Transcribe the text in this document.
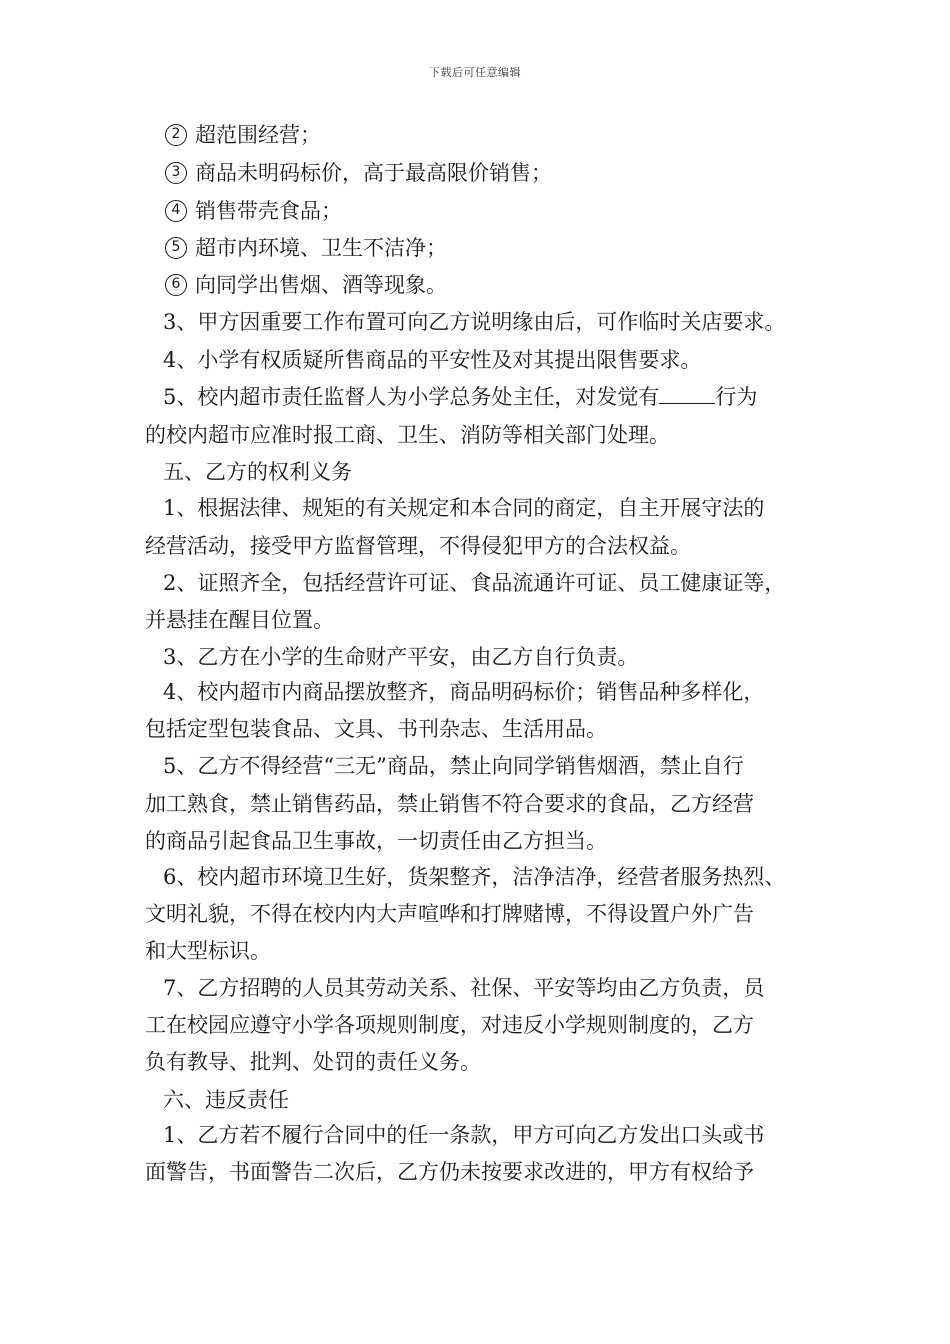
下载后可任意编辑
2 超范围经营；
3 商品未明码标价，高于最高限价销售；
4 销售带壳食品；
5 超市内环境、卫生不洁净；
6 向同学出售烟、酒等现象。
3、甲方因重要工作布置可向乙方说明缘由后，可作临时关店要求。
4、小学有权质疑所售商品的平安性及对其提出限售要求。
5、校内超市责任监督人为小学总务处主任，对发觉有	行为
的校内超市应准时报工商、卫生、消防等相关部门处理。
五、乙方的权利义务
1、根据法律、规矩的有关规定和本合同的商定，自主开展守法的
经营活动，接受甲方监督管理，不得侵犯甲方的合法权益。
2、证照齐全，包括经营许可证、食品流通许可证、员工健康证等，
并悬挂在醒目位置。
3、乙方在小学的生命财产平安，由乙方自行负责。
4、校内超市内商品摆放整齐，商品明码标价；销售品种多样化，
包括定型包装食品、文具、书刊杂志、生活用品。
5、乙方不得经营“三无”商品，禁止向同学销售烟酒，禁止自行
加工熟食，禁止销售药品，禁止销售不符合要求的食品，乙方经营
的商品引起食品卫生事故，一切责任由乙方担当。
6、校内超市环境卫生好，货架整齐，洁净洁净，经营者服务热烈、
文明礼貌，不得在校内内大声喧哗和打牌赌博，不得设置户外广告
和大型标识。
7、乙方招聘的人员其劳动关系、社保、平安等均由乙方负责，员
工在校园应遵守小学各项规则制度，对违反小学规则制度的，乙方
负有教导、批判、处罚的责任义务。
六、违反责任
1、乙方若不履行合同中的任一条款，甲方可向乙方发出口头或书
面警告，书面警告二次后，乙方仍未按要求改进的，甲方有权给予
